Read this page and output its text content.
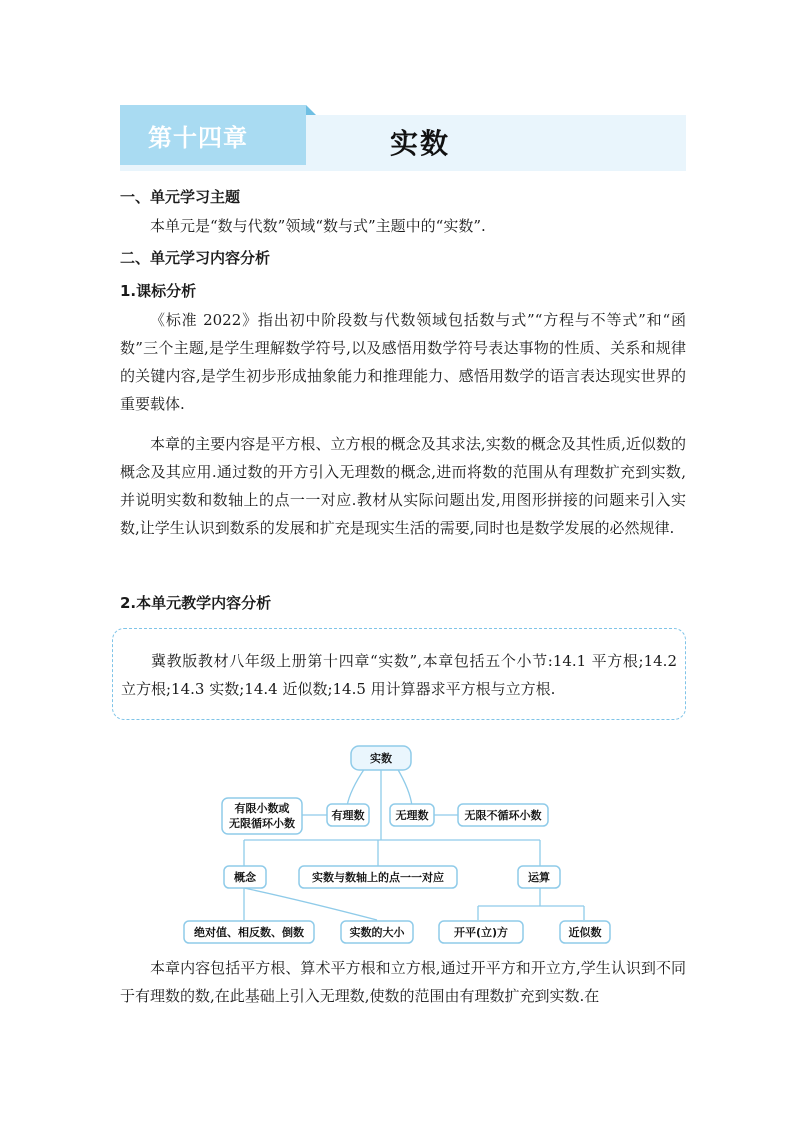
第十四章	实数
一、单元学习主题
本单元是“数与代数”领域“数与式”主题中的“实数”.
二、单元学习内容分析
1.课标分析
《标准 2022》指出初中阶段数与代数领域包括数与式”“方程与不等式”和“函数”三个主题,是学生理解数学符号,以及感悟用数学符号表达事物的性质、关系和规律的关键内容,是学生初步形成抽象能力和推理能力、感悟用数学的语言表达现实世界的重要载体.
本章的主要内容是平方根、立方根的概念及其求法,实数的概念及其性质,近似数的概念及其应用.通过数的开方引入无理数的概念,进而将数的范围从有理数扩充到实数,并说明实数和数轴上的点一一对应.教材从实际问题出发,用图形拼接的问题来引入实数,让学生认识到数系的发展和扩充是现实生活的需要,同时也是数学发展的必然规律.
2.本单元教学内容分析
冀教版教材八年级上册第十四章“实数”,本章包括五个小节:14.1 平方根;14.2 立方根;14.3 实数;14.4 近似数;14.5 用计算器求平方根与立方根.
实数
有限小数或
无限循环小数
有理数	无理数	无限不循环小数
概念	实数与数轴上的点一一对应	运算
绝对值、相反数、倒数	实数的大小	开平(立)方	近似数
本章内容包括平方根、算术平方根和立方根,通过开平方和开立方,学生认识到不同于有理数的数,在此基础上引入无理数,使数的范围由有理数扩充到实数.在
